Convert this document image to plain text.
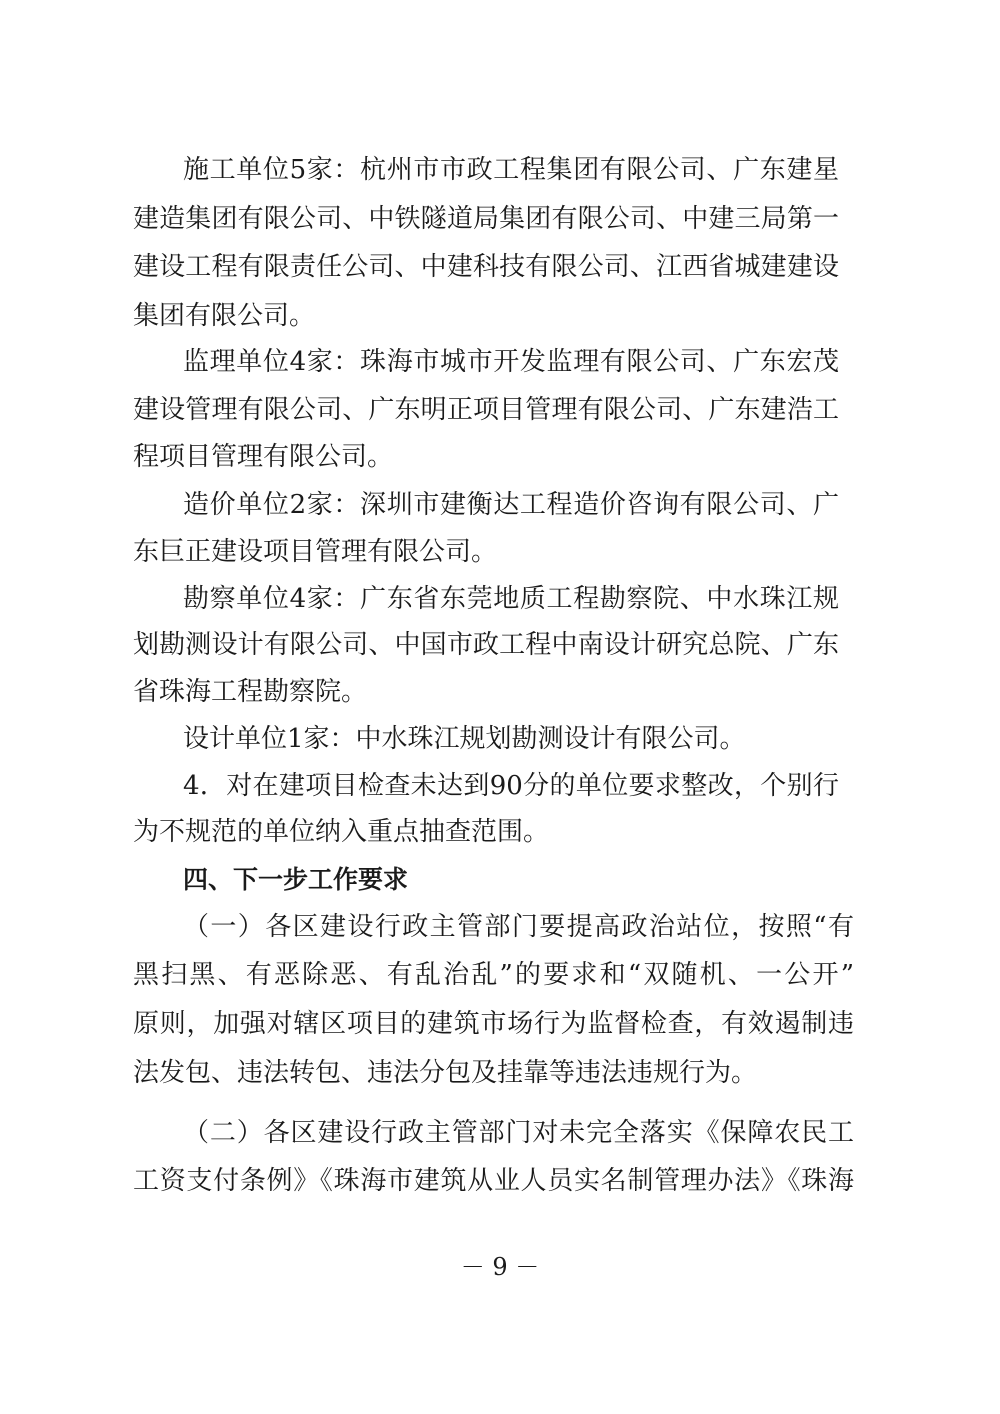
施工单位5家：杭州市市政工程集团有限公司、广东建星
建造集团有限公司、中铁隧道局集团有限公司、中建三局第一
建设工程有限责任公司、中建科技有限公司、江西省城建建设
集团有限公司。
监理单位4家：珠海市城市开发监理有限公司、广东宏茂
建设管理有限公司、广东明正项目管理有限公司、广东建浩工
程项目管理有限公司。
造价单位2家：深圳市建衡达工程造价咨询有限公司、广
东巨正建设项目管理有限公司。
勘察单位4家：广东省东莞地质工程勘察院、中水珠江规
划勘测设计有限公司、中国市政工程中南设计研究总院、广东
省珠海工程勘察院。
设计单位1家：中水珠江规划勘测设计有限公司。
4．对在建项目检查未达到90分的单位要求整改，个别行
为不规范的单位纳入重点抽查范围。
四、下一步工作要求
（一）各区建设行政主管部门要提高政治站位，按照“有
黑扫黑、有恶除恶、有乱治乱”的要求和“双随机、一公开”
原则，加强对辖区项目的建筑市场行为监督检查，有效遏制违
法发包、违法转包、违法分包及挂靠等违法违规行为。
（二）各区建设行政主管部门对未完全落实《保障农民工
工资支付条例》《珠海市建筑从业人员实名制管理办法》《珠海
－ 9 －
